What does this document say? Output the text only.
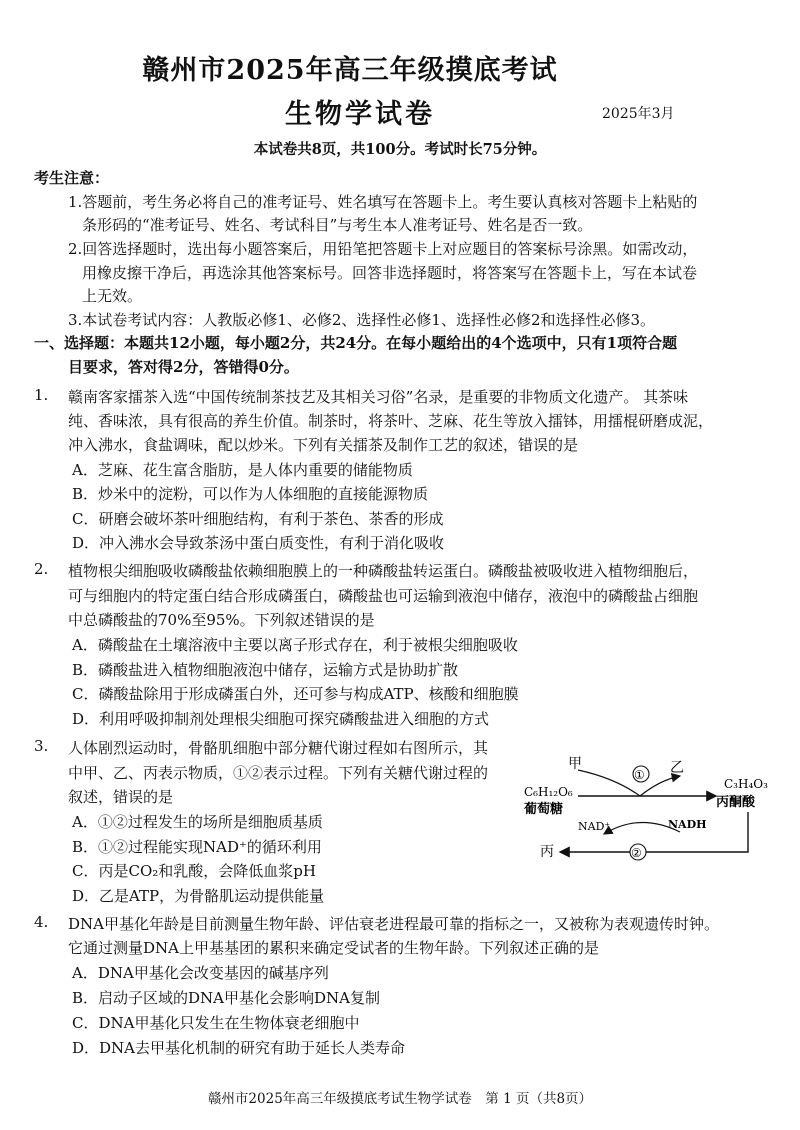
赣州市2025年高三年级摸底考试
生物学试卷	2025年3月
本试卷共8页，共100分。考试时长75分钟。
考生注意：
1.答题前，考生务必将自己的准考证号、姓名填写在答题卡上。考生要认真核对答题卡上粘贴的
条形码的“准考证号、姓名、考试科目”与考生本人准考证号、姓名是否一致。
2.回答选择题时，选出每小题答案后，用铅笔把答题卡上对应题目的答案标号涂黑。如需改动，
用橡皮擦干净后，再选涂其他答案标号。回答非选择题时，将答案写在答题卡上，写在本试卷
上无效。
3.本试卷考试内容：人教版必修1、必修2、选择性必修1、选择性必修2和选择性必修3。
一、选择题：本题共12小题，每小题2分，共24分。在每小题给出的4个选项中，只有1项符合题
目要求，答对得2分，答错得0分。
1. 赣南客家擂茶入选“中国传统制茶技艺及其相关习俗”名录，是重要的非物质文化遗产。 其茶味
纯、香味浓，具有很高的养生价值。制茶时，将茶叶、芝麻、花生等放入擂钵，用擂棍研磨成泥，
冲入沸水，食盐调味，配以炒米。下列有关擂茶及制作工艺的叙述，错误的是
A．芝麻、花生富含脂肪，是人体内重要的储能物质
B．炒米中的淀粉，可以作为人体细胞的直接能源物质
C．研磨会破坏茶叶细胞结构，有利于茶色、茶香的形成
D．冲入沸水会导致茶汤中蛋白质变性，有利于消化吸收
2. 植物根尖细胞吸收磷酸盐依赖细胞膜上的一种磷酸盐转运蛋白。磷酸盐被吸收进入植物细胞后，
可与细胞内的特定蛋白结合形成磷蛋白，磷酸盐也可运输到液泡中储存，液泡中的磷酸盐占细胞
中总磷酸盐的70%至95%。下列叙述错误的是
A．磷酸盐在土壤溶液中主要以离子形式存在，利于被根尖细胞吸收
B．磷酸盐进入植物细胞液泡中储存，运输方式是协助扩散
C．磷酸盐除用于形成磷蛋白外，还可参与构成ATP、核酸和细胞膜
D．利用呼吸抑制剂处理根尖细胞可探究磷酸盐进入细胞的方式
3. 人体剧烈运动时，骨骼肌细胞中部分糖代谢过程如右图所示，其
中甲、乙、丙表示物质，①②表示过程。下列有关糖代谢过程的
叙述，错误的是
A．①②过程发生的场所是细胞质基质
B．①②过程能实现NAD⁺的循环利用
C．丙是CO₂和乳酸，会降低血浆pH
D．乙是ATP，为骨骼肌运动提供能量
甲	乙
C₆H₁₂O₆
葡萄糖
C₃H₄O₃
丙酮酸
①
NAD⁺	NADH
丙	②
4. DNA甲基化年龄是目前测量生物年龄、评估衰老进程最可靠的指标之一，又被称为表观遗传时钟。
它通过测量DNA上甲基基团的累积来确定受试者的生物年龄。下列叙述正确的是
A．DNA甲基化会改变基因的碱基序列
B．启动子区域的DNA甲基化会影响DNA复制
C．DNA甲基化只发生在生物体衰老细胞中
D．DNA去甲基化机制的研究有助于延长人类寿命
赣州市2025年高三年级摸底考试生物学试卷　第 1 页（共8页）
